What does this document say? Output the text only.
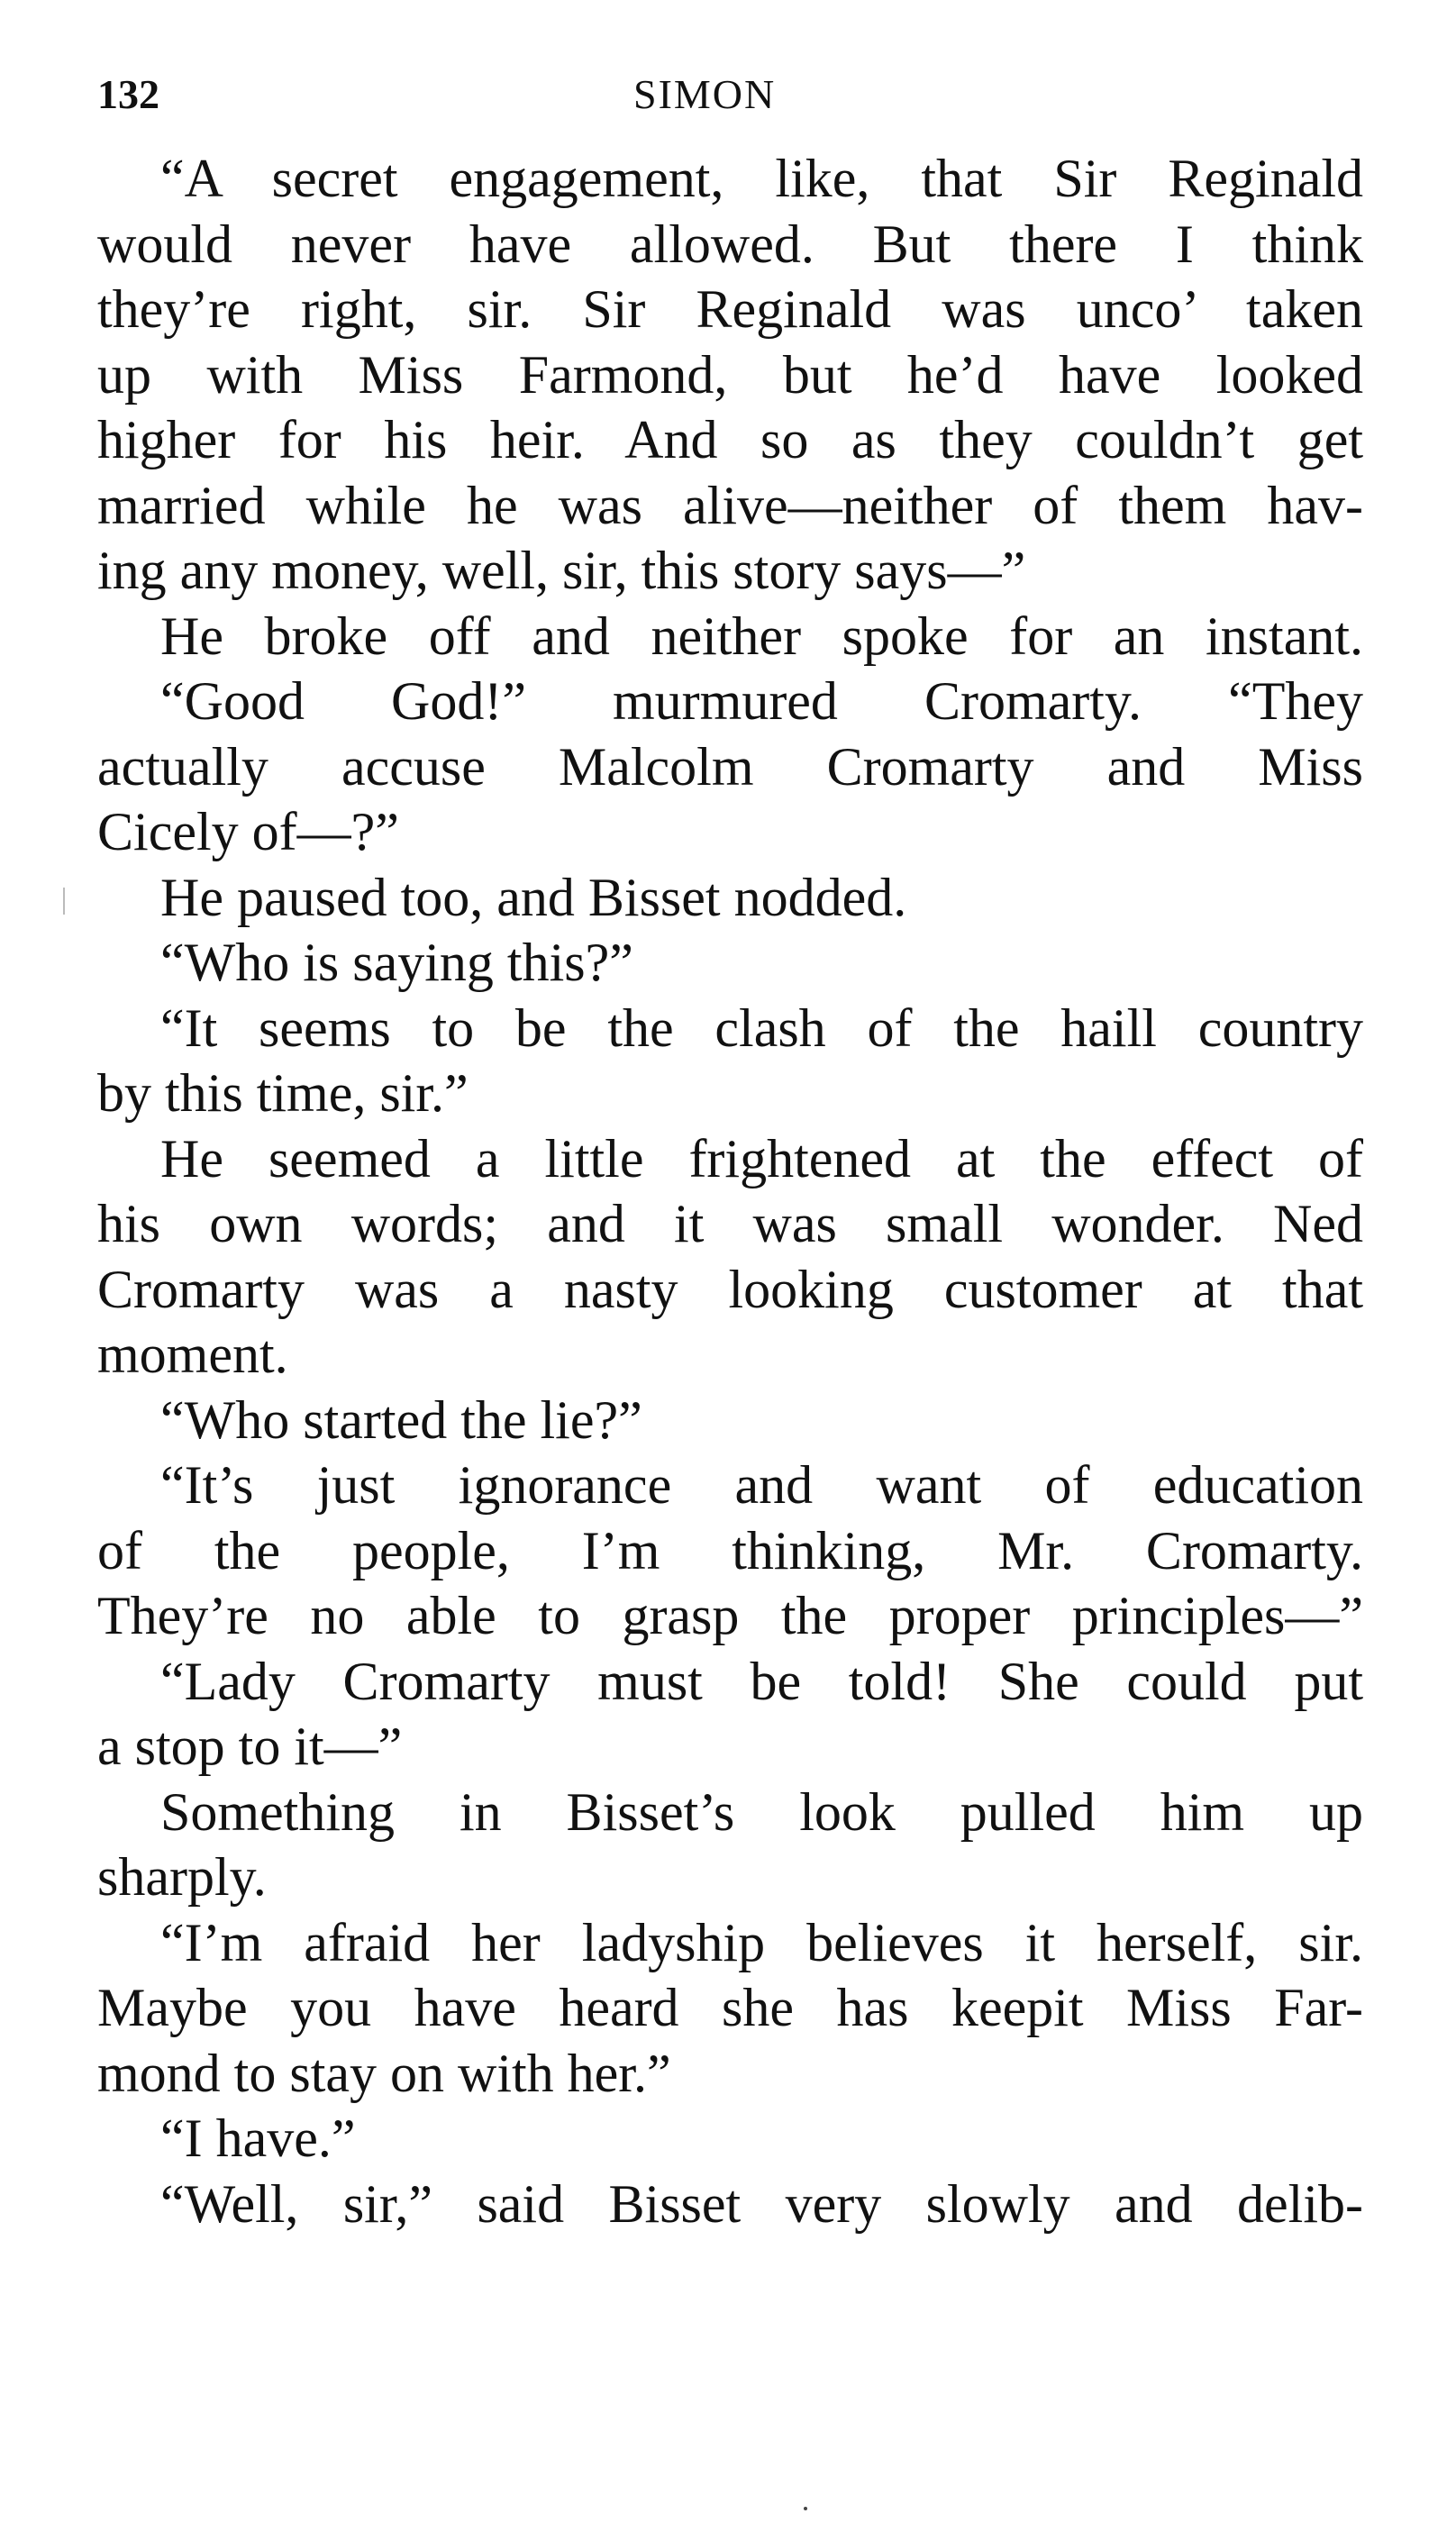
132	SIMON
“A secret engagement, like, that Sir Reginald
would never have allowed. But there I think
they’re right, sir. Sir Reginald was unco’ taken
up with Miss Farmond, but he’d have looked
higher for his heir. And so as they couldn’t get
married while he was alive—neither of them hav-
ing any money, well, sir, this story says—”
He broke off and neither spoke for an instant.
“Good God!” murmured Cromarty. “They
actually accuse Malcolm Cromarty and Miss
Cicely of—?”
He paused too, and Bisset nodded.
“Who is saying this?”
“It seems to be the clash of the haill country
by this time, sir.”
He seemed a little frightened at the effect of
his own words; and it was small wonder. Ned
Cromarty was a nasty looking customer at that
moment.
“Who started the lie?”
“It’s just ignorance and want of education
of the people, I’m thinking, Mr. Cromarty.
They’re no able to grasp the proper principles—”
“Lady Cromarty must be told! She could put
a stop to it—”
Something in Bisset’s look pulled him up
sharply.
“I’m afraid her ladyship believes it herself, sir.
Maybe you have heard she has keepit Miss Far-
mond to stay on with her.”
“I have.”
“Well, sir,” said Bisset very slowly and delib-
